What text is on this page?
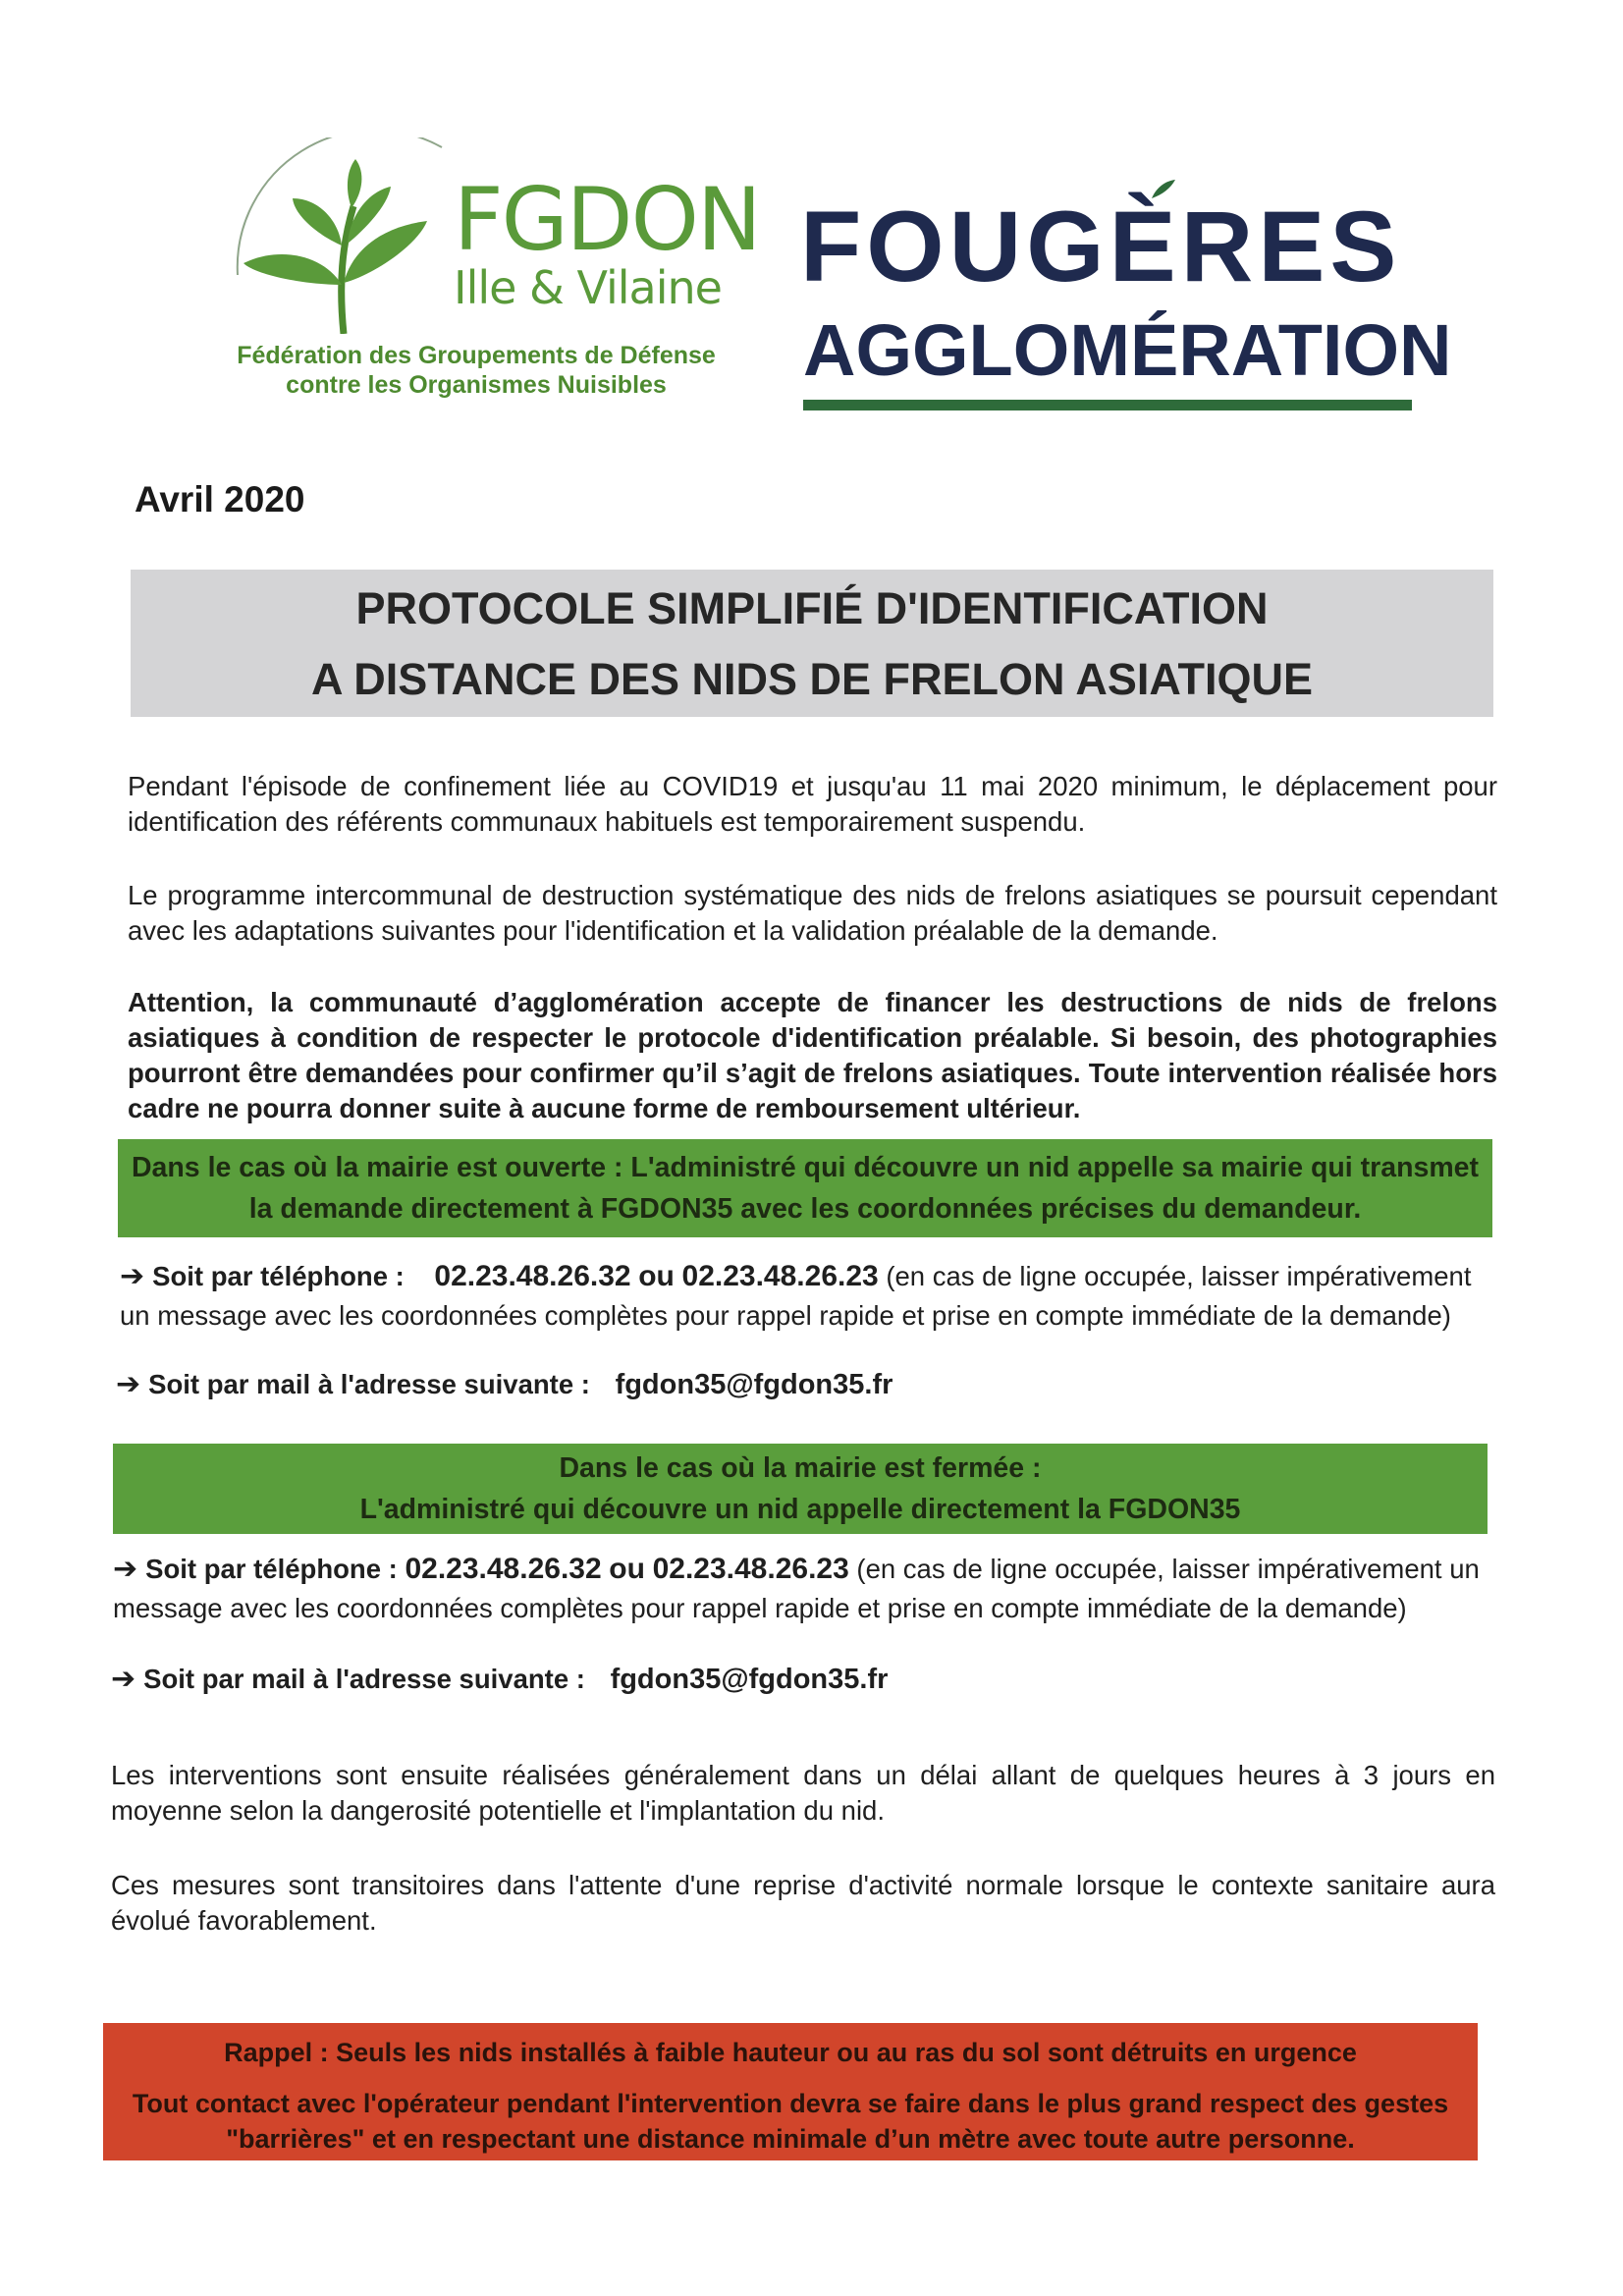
FGDON
Ille & Vilaine
Fédération des Groupements de Défense
contre les Organismes Nuisibles
FOUGÈRES
AGGLOMÉRATION
Avril 2020
PROTOCOLE SIMPLIFIÉ D'IDENTIFICATION
A DISTANCE DES NIDS DE FRELON ASIATIQUE

Pendant l'épisode de confinement liée au COVID19 et jusqu'au 11 mai 2020 minimum, le déplacement pour identification des référents communaux habituels est temporairement suspendu.

Le programme intercommunal de destruction systématique des nids de frelons asiatiques se poursuit cependant avec les adaptations suivantes pour l'identification et la validation préalable de la demande.

Attention, la communauté d’agglomération accepte de financer les destructions de nids de frelons asiatiques à condition de respecter le protocole d'identification préalable. Si besoin, des photographies pourront être demandées pour confirmer qu’il s’agit de frelons asiatiques. Toute intervention réalisée hors cadre ne pourra donner suite à aucune forme de remboursement ultérieur.

Dans le cas où la mairie est ouverte : L'administré qui découvre un nid appelle sa mairie qui transmet
la demande directement à FGDON35 avec les coordonnées précises du demandeur.
➔ Soit par téléphone : 02.23.48.26.32 ou 02.23.48.26.23 (en cas de ligne occupée, laisser impérativement un message avec les coordonnées complètes pour rappel rapide et prise en compte immédiate de la demande)
➔ Soit par mail à l'adresse suivante : fgdon35@fgdon35.fr
Dans le cas où la mairie est fermée :
L'administré qui découvre un nid appelle directement la FGDON35
➔ Soit par téléphone : 02.23.48.26.32 ou 02.23.48.26.23 (en cas de ligne occupée, laisser impérativement un message avec les coordonnées complètes pour rappel rapide et prise en compte immédiate de la demande)
➔ Soit par mail à l'adresse suivante : fgdon35@fgdon35.fr

Les interventions sont ensuite réalisées généralement dans un délai allant de quelques heures à 3 jours en moyenne selon la dangerosité potentielle et l'implantation du nid.

Ces mesures sont transitoires dans l'attente d'une reprise d'activité normale lorsque le contexte sanitaire aura évolué favorablement.

Rappel : Seuls les nids installés à faible hauteur ou au ras du sol sont détruits en urgence
Tout contact avec l'opérateur pendant l'intervention devra se faire dans le plus grand respect des gestes
"barrières" et en respectant une distance minimale d’un mètre avec toute autre personne.
